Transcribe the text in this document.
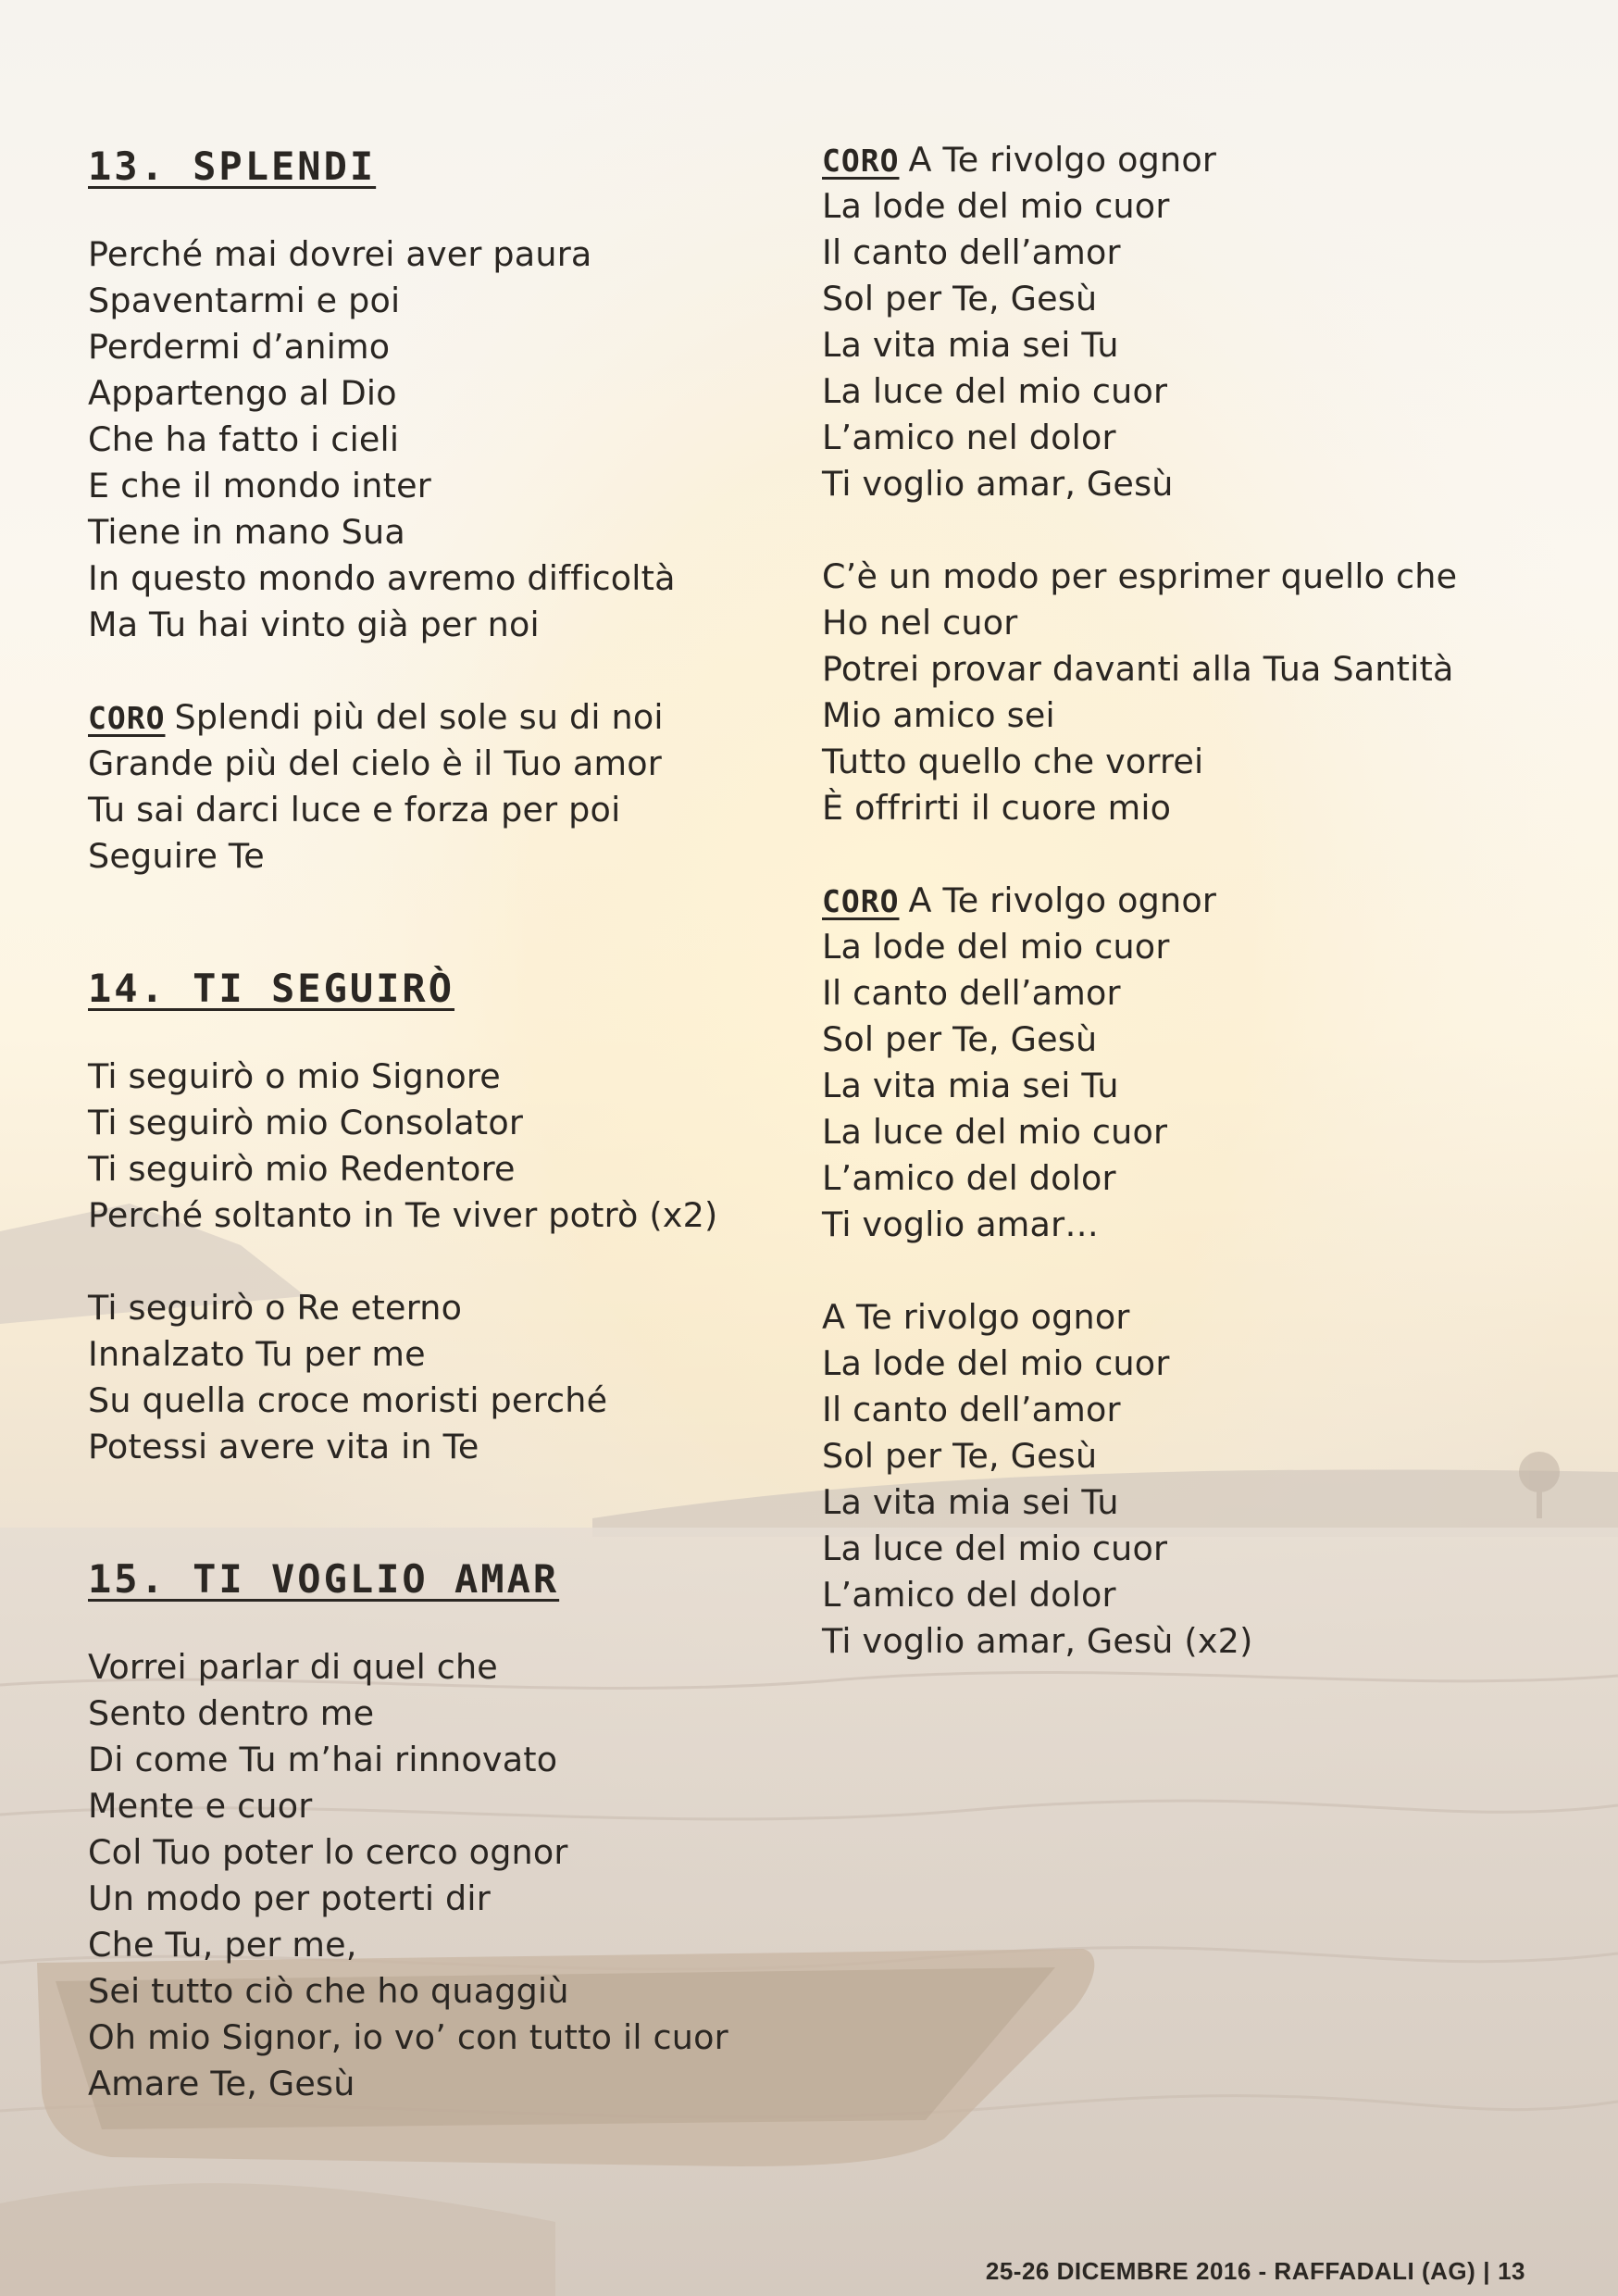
13. SPLENDI
Perché mai dovrei aver paura
Spaventarmi e poi
Perdermi d’animo
Appartengo al Dio
Che ha fatto i cieli
E che il mondo inter
Tiene in mano Sua
In questo mondo avremo difficoltà
Ma Tu hai vinto già per noi
CORO Splendi più del sole su di noi
Grande più del cielo è il Tuo amor
Tu sai darci luce e forza per poi
Seguire Te
14. TI SEGUIRÒ
Ti seguirò o mio Signore
Ti seguirò mio Consolator
Ti seguirò mio Redentore
Perché soltanto in Te viver potrò (x2)
Ti seguirò o Re eterno
Innalzato Tu per me
Su quella croce moristi perché
Potessi avere vita in Te
15. TI VOGLIO AMAR
Vorrei parlar di quel che
Sento dentro me
Di come Tu m’hai rinnovato
Mente e cuor
Col Tuo poter lo cerco ognor
Un modo per poterti dir
Che Tu, per me,
Sei tutto ciò che ho quaggiù
Oh mio Signor, io vo’ con tutto il cuor
Amare Te, Gesù
CORO A Te rivolgo ognor
La lode del mio cuor
Il canto dell’amor
Sol per Te, Gesù
La vita mia sei Tu
La luce del mio cuor
L’amico nel dolor
Ti voglio amar, Gesù
C’è un modo per esprimer quello che
Ho nel cuor
Potrei provar davanti alla Tua Santità
Mio amico sei
Tutto quello che vorrei
È offrirti il cuore mio
CORO A Te rivolgo ognor
La lode del mio cuor
Il canto dell’amor
Sol per Te, Gesù
La vita mia sei Tu
La luce del mio cuor
L’amico del dolor
Ti voglio amar…
A Te rivolgo ognor
La lode del mio cuor
Il canto dell’amor
Sol per Te, Gesù
La vita mia sei Tu
La luce del mio cuor
L’amico del dolor
Ti voglio amar, Gesù (x2)
25-26 DICEMBRE 2016 - RAFFADALI (AG) | 13
